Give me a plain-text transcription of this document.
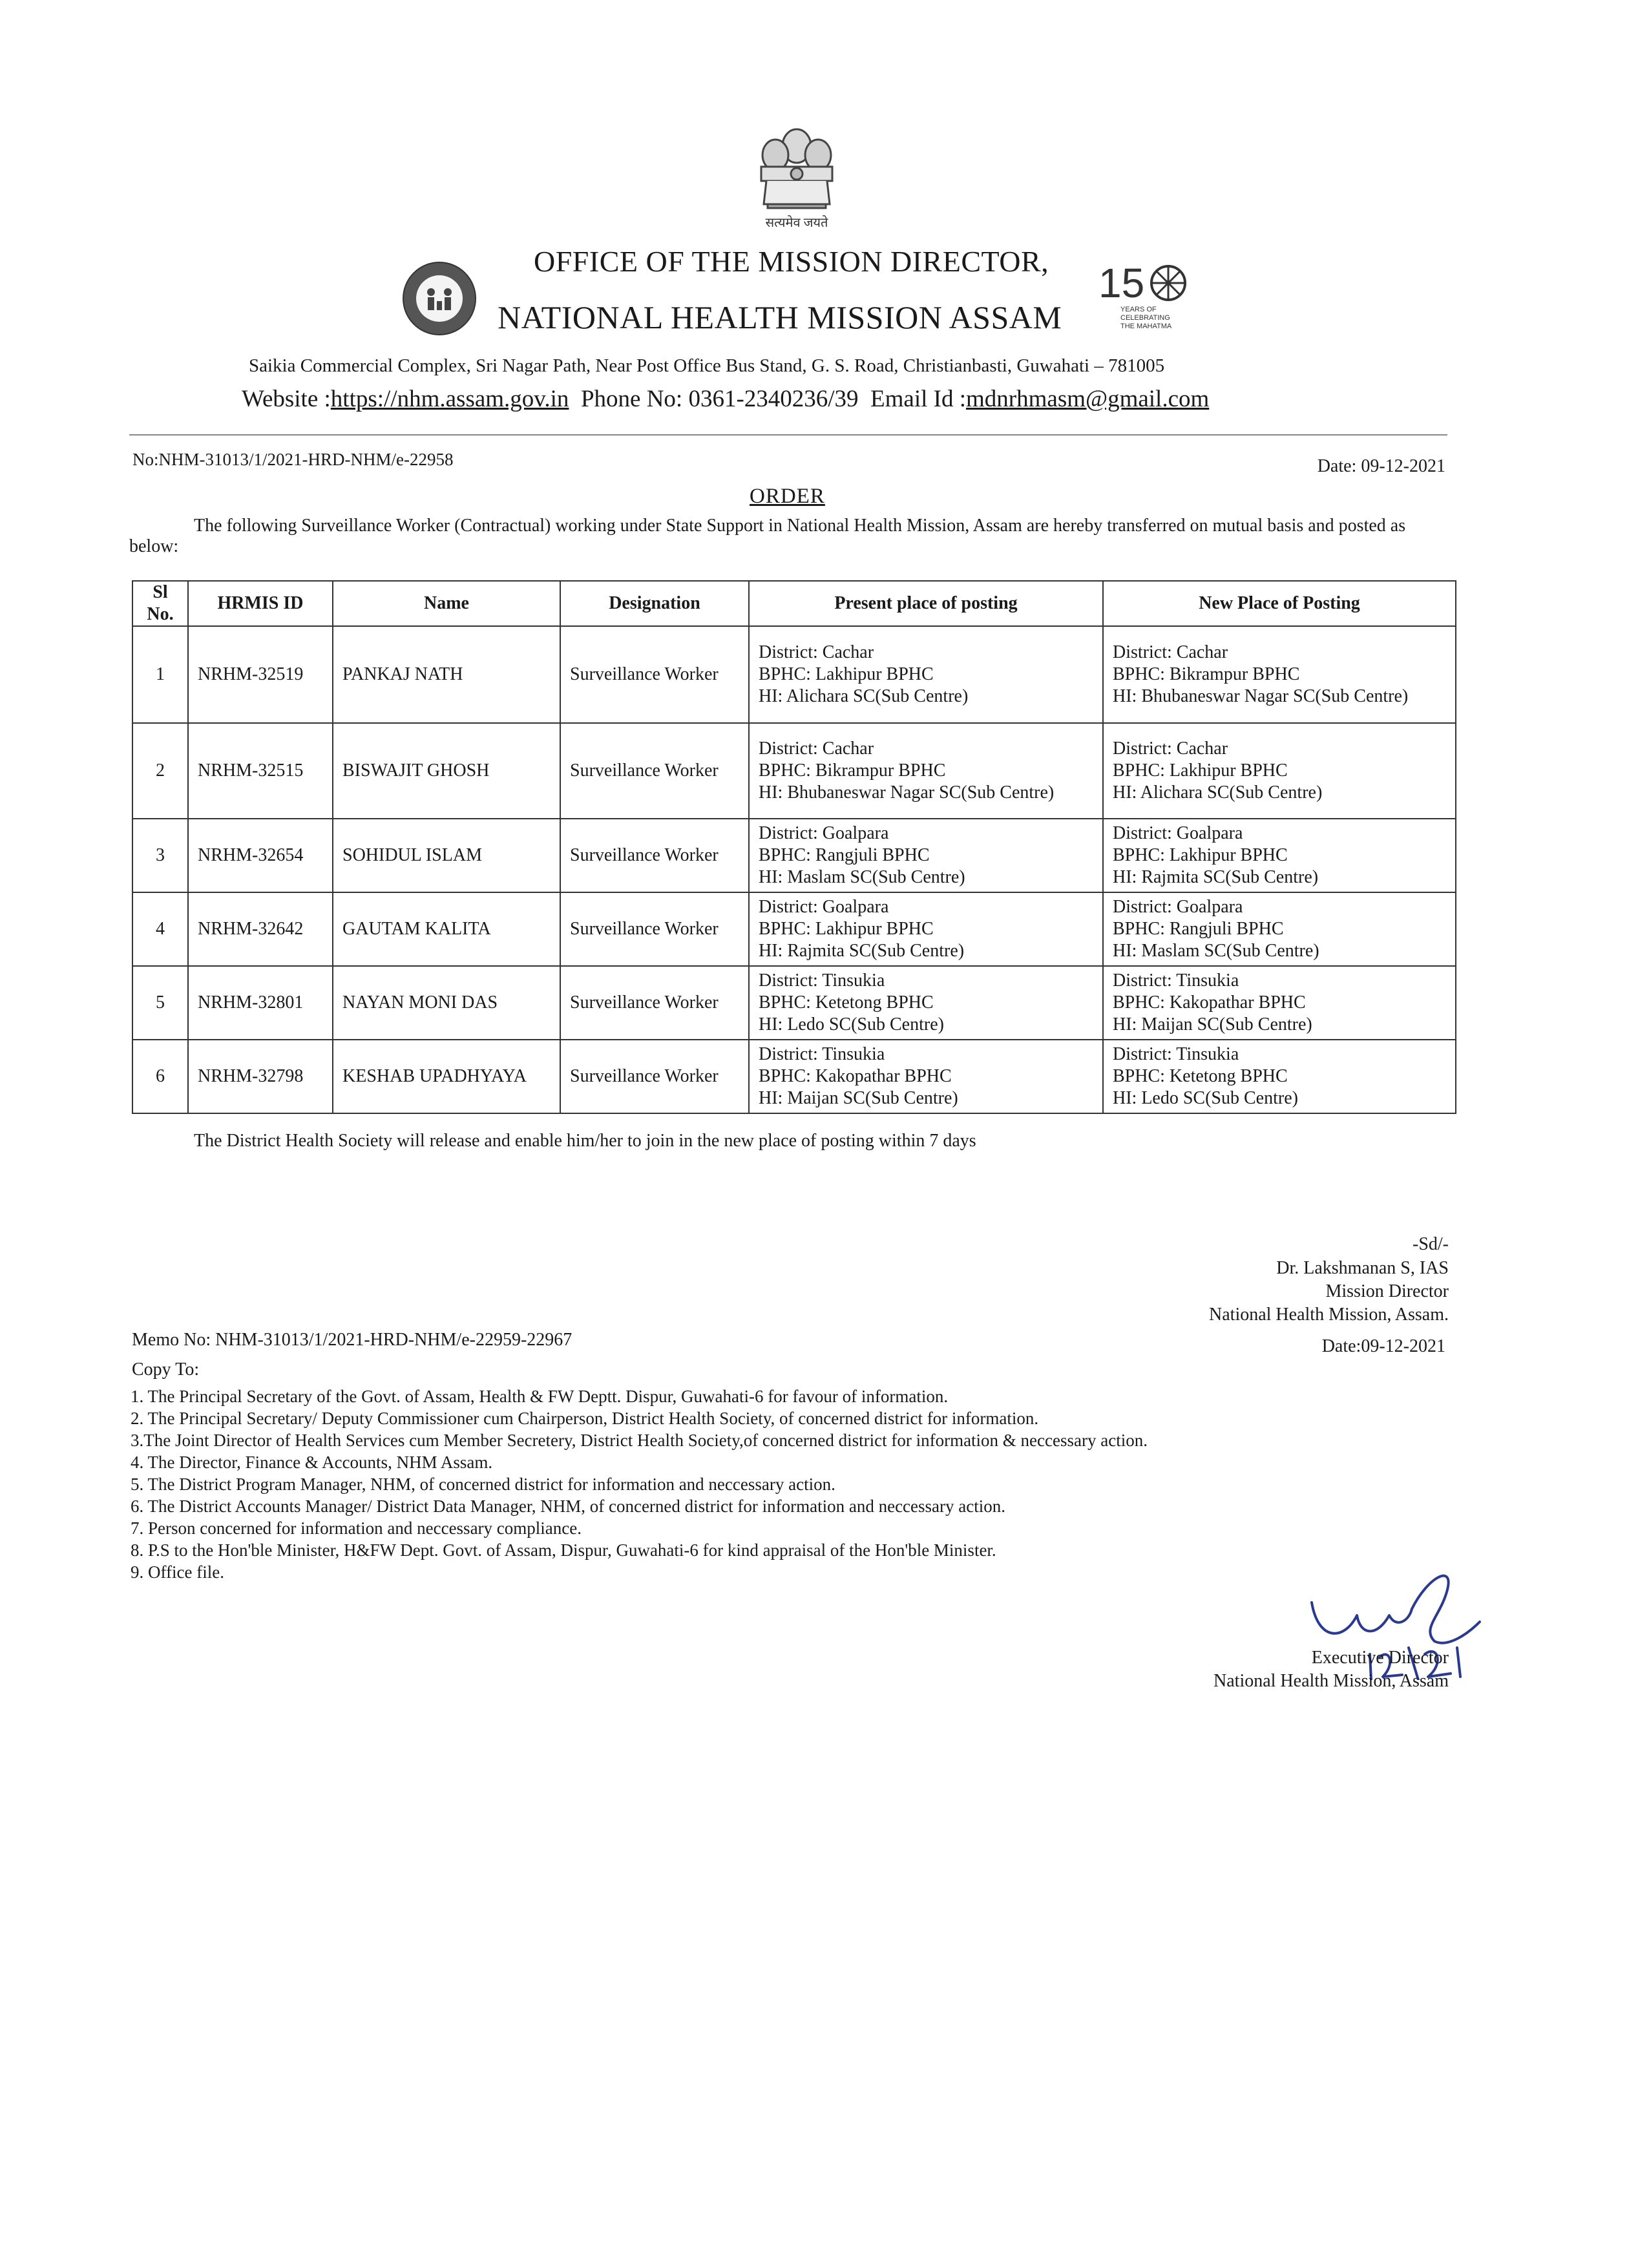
सत्यमेव जयते
15
YEARS OF
CELEBRATING
THE MAHATMA
OFFICE OF THE MISSION DIRECTOR,
NATIONAL HEALTH MISSION ASSAM
Saikia Commercial Complex, Sri Nagar Path, Near Post Office Bus Stand, G. S. Road, Christianbasti, Guwahati – 781005
Website :https://nhm.assam.gov.in Phone No: 0361-2340236/39 Email Id :mdnrhmasm@gmail.com
No:NHM-31013/1/2021-HRD-NHM/e-22958	Date: 09-12-2021
ORDER
The following Surveillance Worker (Contractual) working under State Support in National Health Mission, Assam are hereby transferred on mutual basis and posted as below:
Sl No.	HRMIS ID	Name	Designation	Present place of posting	New Place of Posting
1	NRHM-32519	PANKAJ NATH	Surveillance Worker	District: Cachar
BPHC: Lakhipur BPHC
HI: Alichara SC(Sub Centre)	District: Cachar
BPHC: Bikrampur BPHC
HI: Bhubaneswar Nagar SC(Sub Centre)

2	NRHM-32515	BISWAJIT GHOSH	Surveillance Worker	District: Cachar
BPHC: Bikrampur BPHC
HI: Bhubaneswar Nagar SC(Sub Centre)	District: Cachar
BPHC: Lakhipur BPHC
HI: Alichara SC(Sub Centre)

3	NRHM-32654	SOHIDUL ISLAM	Surveillance Worker	District: Goalpara
BPHC: Rangjuli BPHC
HI: Maslam SC(Sub Centre)	District: Goalpara
BPHC: Lakhipur BPHC
HI: Rajmita SC(Sub Centre)

4	NRHM-32642	GAUTAM KALITA	Surveillance Worker	District: Goalpara
BPHC: Lakhipur BPHC
HI: Rajmita SC(Sub Centre)	District: Goalpara
BPHC: Rangjuli BPHC
HI: Maslam SC(Sub Centre)

5	NRHM-32801	NAYAN MONI DAS	Surveillance Worker	District: Tinsukia
BPHC: Ketetong BPHC
HI: Ledo SC(Sub Centre)	District: Tinsukia
BPHC: Kakopathar BPHC
HI: Maijan SC(Sub Centre)

6	NRHM-32798	KESHAB UPADHYAYA	Surveillance Worker	District: Tinsukia
BPHC: Kakopathar BPHC
HI: Maijan SC(Sub Centre)	District: Tinsukia
BPHC: Ketetong BPHC
HI: Ledo SC(Sub Centre)
The District Health Society will release and enable him/her to join in the new place of posting within 7 days
-Sd/-
Dr. Lakshmanan S, IAS
Mission Director
National Health Mission, Assam.
Memo No: NHM-31013/1/2021-HRD-NHM/e-22959-22967	Date:09-12-2021
Copy To:
1. The Principal Secretary of the Govt. of Assam, Health & FW Deptt. Dispur, Guwahati-6 for favour of information.
2. The Principal Secretary/ Deputy Commissioner cum Chairperson, District Health Society, of concerned district for information.
3.The Joint Director of Health Services cum Member Secretery, District Health Society,of concerned district for information & neccessary action.
4. The Director, Finance & Accounts, NHM Assam.
5. The District Program Manager, NHM, of concerned district for information and neccessary action.
6. The District Accounts Manager/ District Data Manager, NHM, of concerned district for information and neccessary action.
7. Person concerned for information and neccessary compliance.
8. P.S to the Hon'ble Minister, H&FW Dept. Govt. of Assam, Dispur, Guwahati-6 for kind appraisal of the Hon'ble Minister.
9. Office file.
Executive Director
National Health Mission, Assam
